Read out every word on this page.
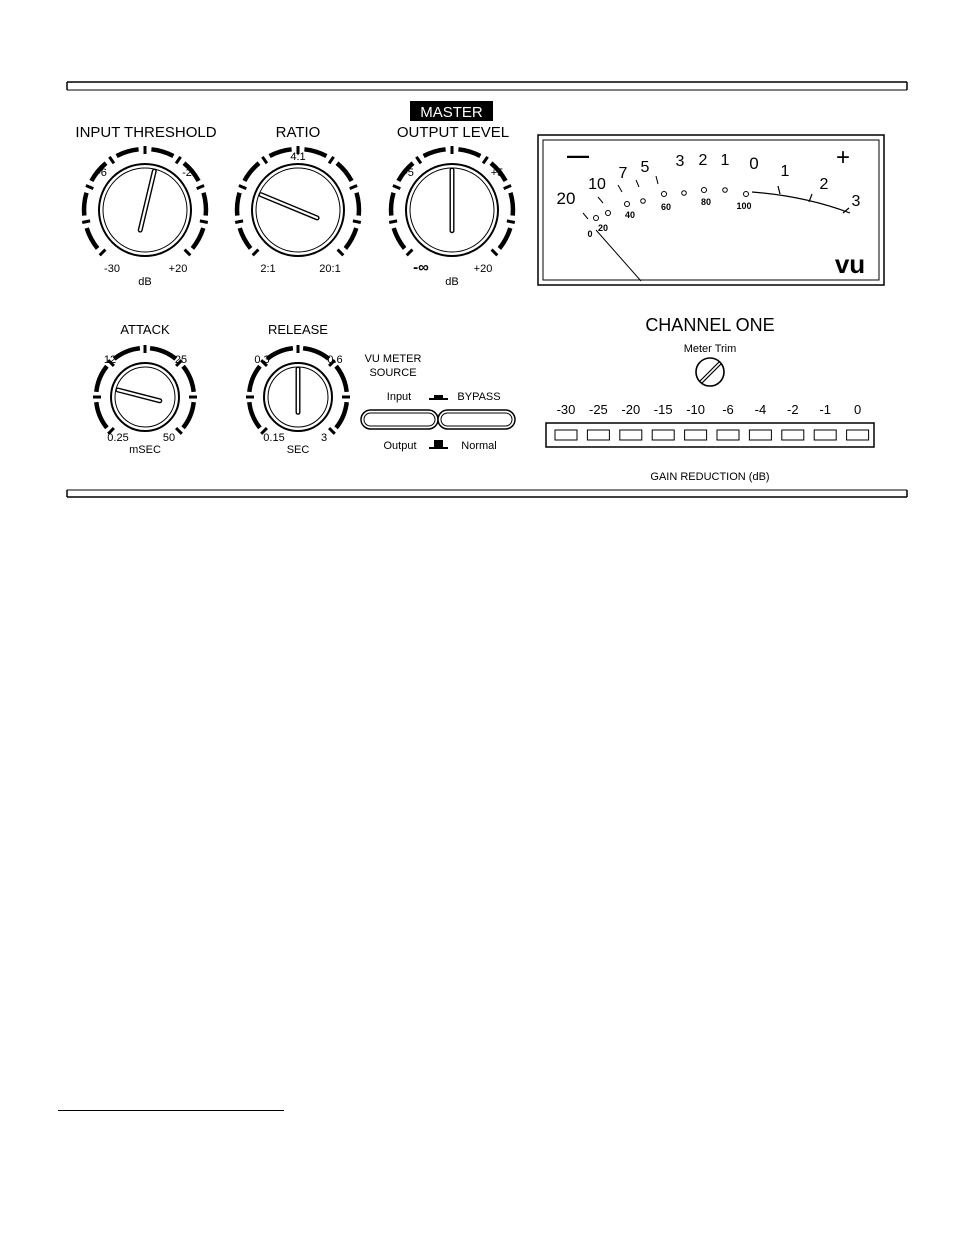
MASTER
INPUT THRESHOLD	RATIO	OUTPUT LEVEL
ATTACK	RELEASE
-6	-2
-30	+20
dB
4:1
2:1	20:1
-5	+5
-∞	+20
dB
12	25
0.25	50
mSEC
0.3	0.6
0.15	3
SEC
VU METER
SOURCE
Input
Output
BYPASS
Normal
—	+
vu
20
10
7 5 3 2 1 0 1
2
3
0
20
40
60	80	100
CHANNEL ONE
Meter Trim
-30 -25 -20 -15 -10 -6 -4 -2 -1 0
GAIN REDUCTION (dB)
